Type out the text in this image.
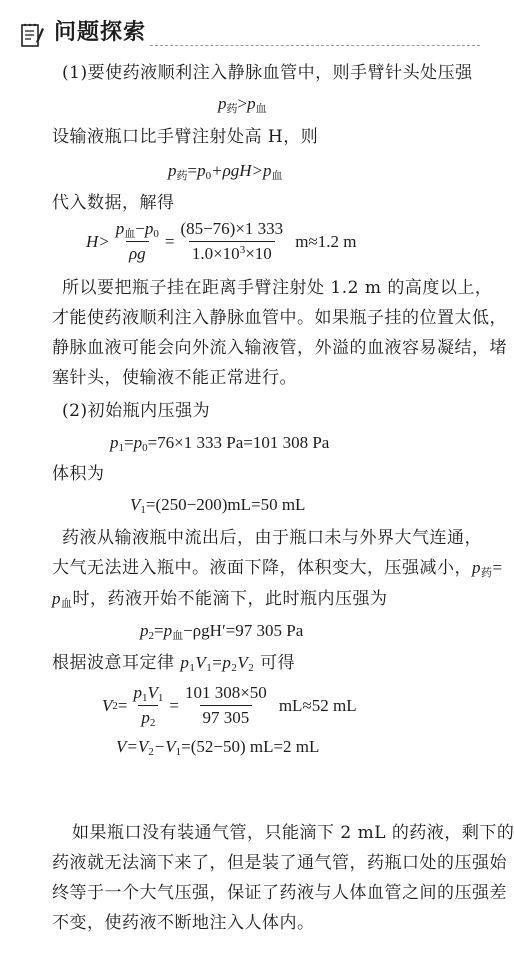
问题探索
(1)要使药液顺利注入静脉血管中，则手臂针头处压强
$p_药>p_血$
设输液瓶口比手臂注射处高 H，则
$p_药=p_0+\rho gH>p_血$
代入数据，解得
$H> \frac{p_血-p_0}{\rho g} = \frac{(85-76)\times 1 333}{1.0\times 10^3\times 10} m\approx 1.2$ m
所以要把瓶子挂在距离手臂注射处 1.2 m 的高度以上，
才能使药液顺利注入静脉血管中。如果瓶子挂的位置太低，
静脉血液可能会向外流入输液管，外溢的血液容易凝结，堵
塞针头，使输液不能正常进行。
(2)初始瓶内压强为
$p_1=p_0=76\times 1$ 333 Pa=101 308 Pa
体积为
$V_1=(250-200)mL=50$ mL
药液从输液瓶中流出后，由于瓶口未与外界大气连通，
大气无法进入瓶中。液面下降，体积变大，压强减小，$p_药=$
$p_血$时，药液开始不能滴下，此时瓶内压强为
$p_2=p_血-\rho gH'=97$ 305 Pa
根据波意耳定律 $p_1V_1=p_2V_2$ 可得
V $2 = \frac{p_1V_1}{p_2} = \frac{101 308\times 50}{97 305} mL\approx 52$ mL
$V=V_2-V_1=(52-50)$ mL=2 mL
如果瓶口没有装通气管，只能滴下 2 mL 的药液，剩下的
药液就无法滴下来了，但是装了通气管，药瓶口处的压强始
终等于一个大气压强，保证了药液与人体血管之间的压强差
不变，使药液不断地注入人体内。
